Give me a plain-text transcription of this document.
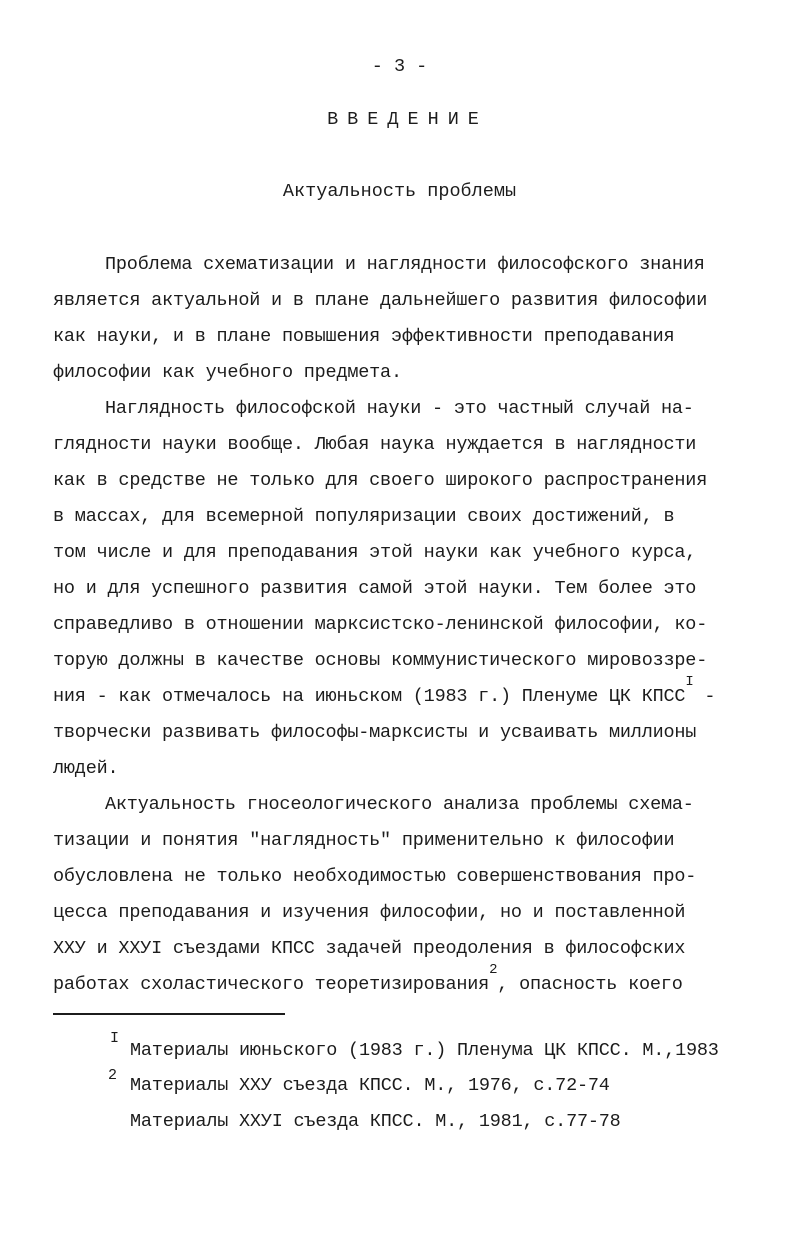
- 3 -
ВВЕДЕНИЕ
Актуальность проблемы
Проблема схематизации и наглядности философского знания
является актуальной и в плане дальнейшего развития философии
как науки, и в плане повышения эффективности преподавания
философии как учебного предмета.
Наглядность философской науки - это частный случай на-
глядности науки вообще. Любая наука нуждается в наглядности
как в средстве не только для своего широкого распространения
в массах, для всемерной популяризации своих достижений, в
том числе и для преподавания этой науки как учебного курса,
но и для успешного развития самой этой науки. Тем более это
справедливо в отношении марксистско-ленинской философии, ко-
торую должны в качестве основы коммунистического мировоззре-
ния - как отмечалось на июньском (1983 г.) Пленуме ЦК $КПСС^I$ -
творчески развивать философы-марксисты и усваивать миллионы
людей.
Актуальность гносеологического анализа проблемы схема-
тизации и понятия "наглядность" применительно к философии
обусловлена не только необходимостью совершенствования про-
цесса преподавания и изучения философии, но и поставленной
ХХУ и ХХУI съездами КПСС задачей преодоления в философских
работах схоластического теоретизирования$^2$, опасность коего
I
Материалы июньского (1983 г.) Пленума ЦК КПСС. М.,1983
2 Материалы ХХУ съезда КПСС. М., 1976, с.72-74
Материалы ХХУI съезда КПСС. М., 1981, с.77-78
